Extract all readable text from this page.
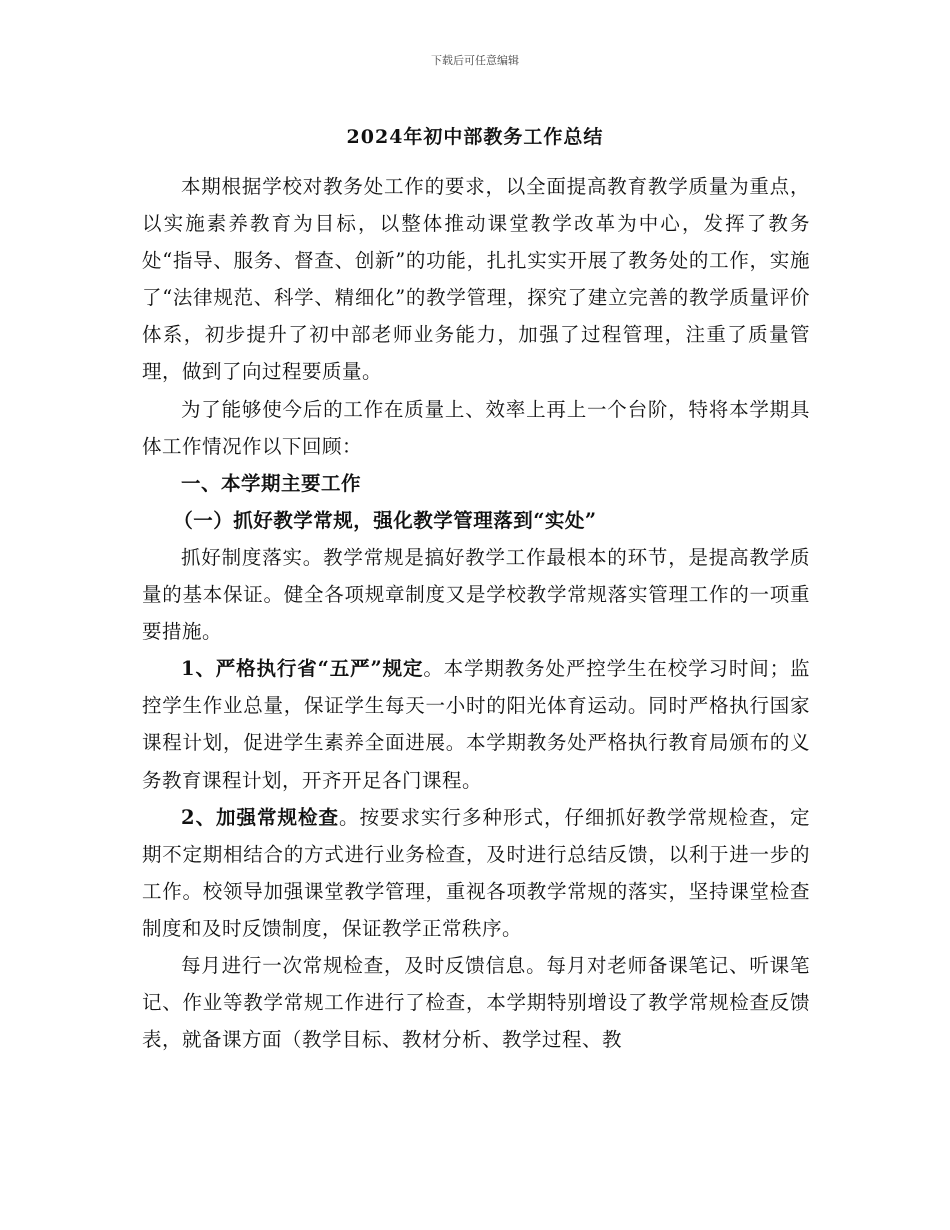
下载后可任意编辑
2024年初中部教务工作总结

本期根据学校对教务处工作的要求，以全面提高教育教学质量为重点，以实施素养教育为目标，以整体推动课堂教学改革为中心，发挥了教务处“指导、服务、督查、创新”的功能，扎扎实实开展了教务处的工作，实施了“法律规范、科学、精细化”的教学管理，探究了建立完善的教学质量评价体系，初步提升了初中部老师业务能力，加强了过程管理，注重了质量管理，做到了向过程要质量。

为了能够使今后的工作在质量上、效率上再上一个台阶，特将本学期具体工作情况作以下回顾：

一、本学期主要工作

（一）抓好教学常规，强化教学管理落到“实处”

抓好制度落实。教学常规是搞好教学工作最根本的环节，是提高教学质量的基本保证。健全各项规章制度又是学校教学常规落实管理工作的一项重要措施。

1、严格执行省“五严”规定。本学期教务处严控学生在校学习时间；监控学生作业总量，保证学生每天一小时的阳光体育运动。同时严格执行国家课程计划，促进学生素养全面进展。本学期教务处严格执行教育局颁布的义务教育课程计划，开齐开足各门课程。

2、加强常规检查。按要求实行多种形式，仔细抓好教学常规检查，定期不定期相结合的方式进行业务检查，及时进行总结反馈，以利于进一步的工作。校领导加强课堂教学管理，重视各项教学常规的落实，坚持课堂检查制度和及时反馈制度，保证教学正常秩序。

每月进行一次常规检查，及时反馈信息。每月对老师备课笔记、听课笔记、作业等教学常规工作进行了检查，本学期特别增设了教学常规检查反馈表，就备课方面（教学目标、教材分析、教学过程、教
